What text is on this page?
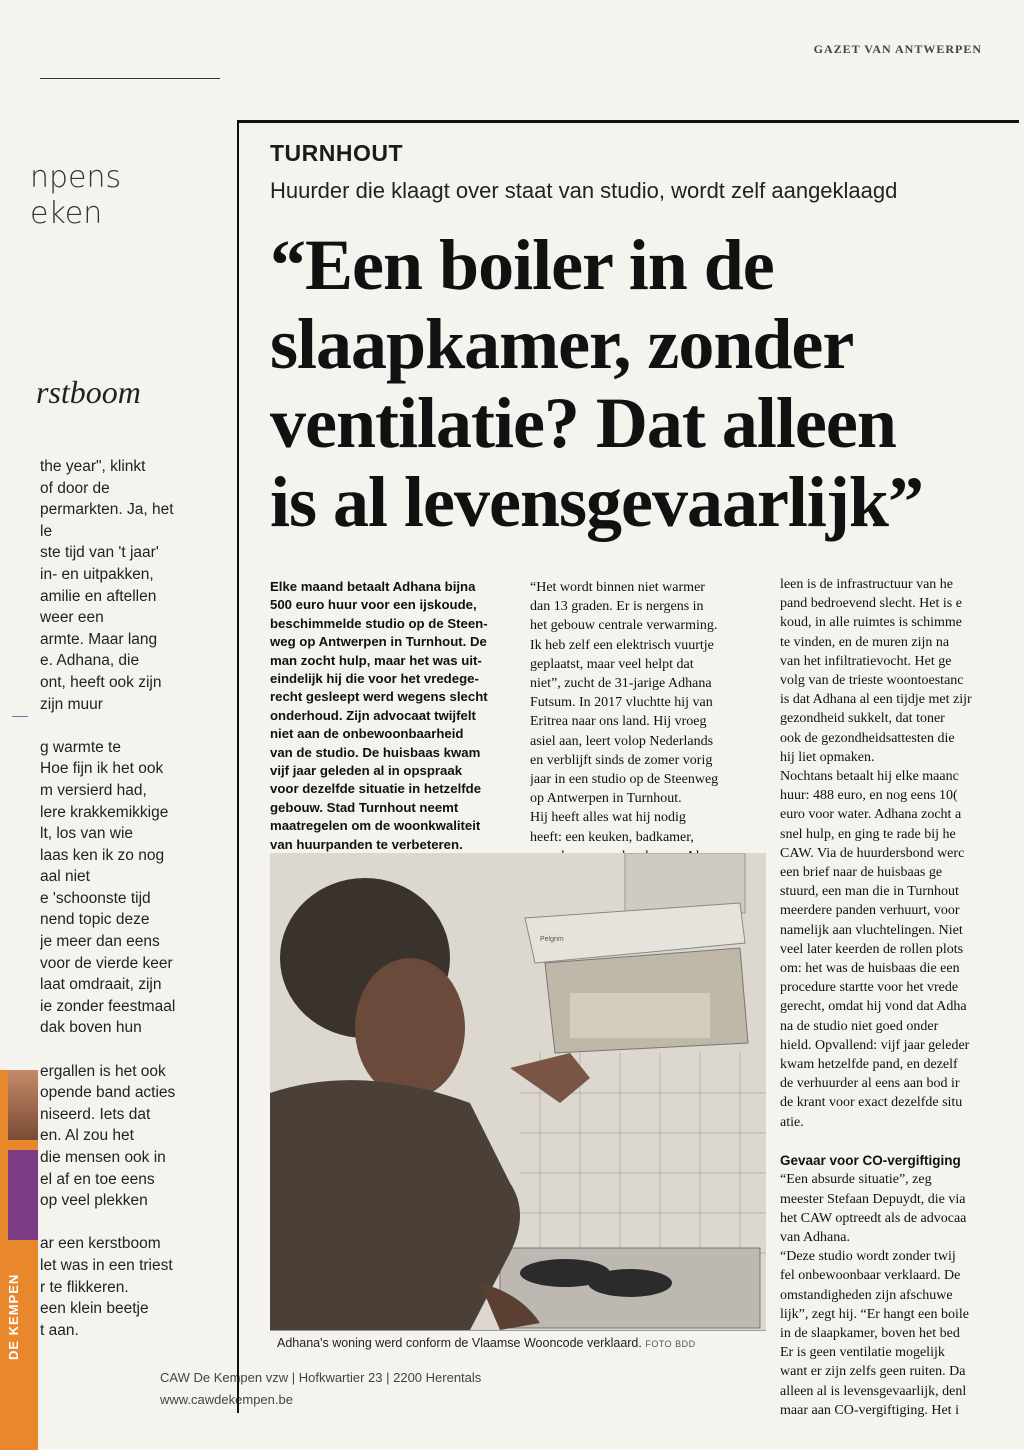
GAZET VAN ANTWERPEN
npens
eken
rstboom
the year", klinkt
of door de
permarkten. Ja, het
le
ste tijd van 't jaar'
in- en uitpakken,
amilie en aftellen
weer een
armte. Maar lang
e. Adhana, die
ont, heeft ook zijn
zijn muur

g warmte te
Hoe fijn ik het ook
m versierd had,
lere krakkemikkige
lt, los van wie
laas ken ik zo nog
aal niet
e 'schoonste tijd
nend topic deze
je meer dan eens
voor de vierde keer
laat omdraait, zijn
ie zonder feestmaal
dak boven hun

ergallen is het ook
opende band acties
niseerd. Iets dat
en. Al zou het
die mensen ook in
el af en toe eens
op veel plekken

ar een kerstboom
let was in een triest
r te flikkeren.
een klein beetje
t aan.
DE KEMPEN
CAW De Kempen vzw | Hofkwartier 23 | 2200 Herentals
www.cawdekempen.be
TURNHOUT
Huurder die klaagt over staat van studio, wordt zelf aangeklaagd
“Een boiler in de
slaapkamer, zonder
ventilatie? Dat alleen
is al levensgevaarlijk”
Elke maand betaalt Adhana bijna
500 euro huur voor een ijskoude,
beschimmelde studio op de Steen-
weg op Antwerpen in Turnhout. De
man zocht hulp, maar het was uit-
eindelijk hij die voor het vredege-
recht gesleept werd wegens slecht
onderhoud. Zijn advocaat twijfelt
niet aan de onbewoonbaarheid
van de studio. De huisbaas kwam
vijf jaar geleden al in opspraak
voor dezelfde situatie in hetzelfde
gebouw. Stad Turnhout neemt
maatregelen om de woonkwaliteit
van huurpanden te verbeteren.
“Het wordt binnen niet warmer
dan 13 graden. Er is nergens in
het gebouw centrale verwarming.
Ik heb zelf een elektrisch vuurtje
geplaatst, maar veel helpt dat
niet”, zucht de 31-jarige Adhana
Futsum. In 2017 vluchtte hij van
Eritrea naar ons land. Hij vroeg
asiel aan, leert volop Nederlands
en verblijft sinds de zomer vorig
jaar in een studio op de Steenweg
op Antwerpen in Turnhout.
Hij heeft alles wat hij nodig
heeft: een keuken, badkamer,
leen is de infrastructuur van he
pand bedroevend slecht. Het is e
koud, in alle ruimtes is schimme
te vinden, en de muren zijn na
van het infiltratievocht. Het ge
volg van de trieste woontoestanc
is dat Adhana al een tijdje met zijr
gezondheid sukkelt, dat toner
ook de gezondheidsattesten die
hij liet opmaken.
Nochtans betaalt hij elke maanc
huur: 488 euro, en nog eens 10(
euro voor water. Adhana zocht a
snel hulp, en ging te rade bij he
CAW. Via de huurdersbond werc
een brief naar de huisbaas ge
stuurd, een man die in Turnhout
meerdere panden verhuurt, voor
namelijk aan vluchtelingen. Niet
veel later keerden de rollen plots
om: het was de huisbaas die een
procedure startte voor het vrede
gerecht, omdat hij vond dat Adha
na de studio niet goed onder
hield. Opvallend: vijf jaar geleder
kwam hetzelfde pand, en dezelf
de verhuurder al eens aan bod ir
de krant voor exact dezelfde situ
atie.

Gevaar voor CO-vergiftiging
“Een absurde situatie”, zeg
meester Stefaan Depuydt, die via
het CAW optreedt als de advocaa
van Adhana.
“Deze studio wordt zonder twij
fel onbewoonbaar verklaard. De
omstandigheden zijn afschuwe
lijk”, zegt hij. “Er hangt een boile
in de slaapkamer, boven het bed
Er is geen ventilatie mogelijk
want er zijn zelfs geen ruiten. Da
alleen al is levensgevaarlijk, denl
maar aan CO-vergiftiging. Het i
Pelgrim
Adhana's woning werd conform de Vlaamse Wooncode verklaard. FOTO BDD
